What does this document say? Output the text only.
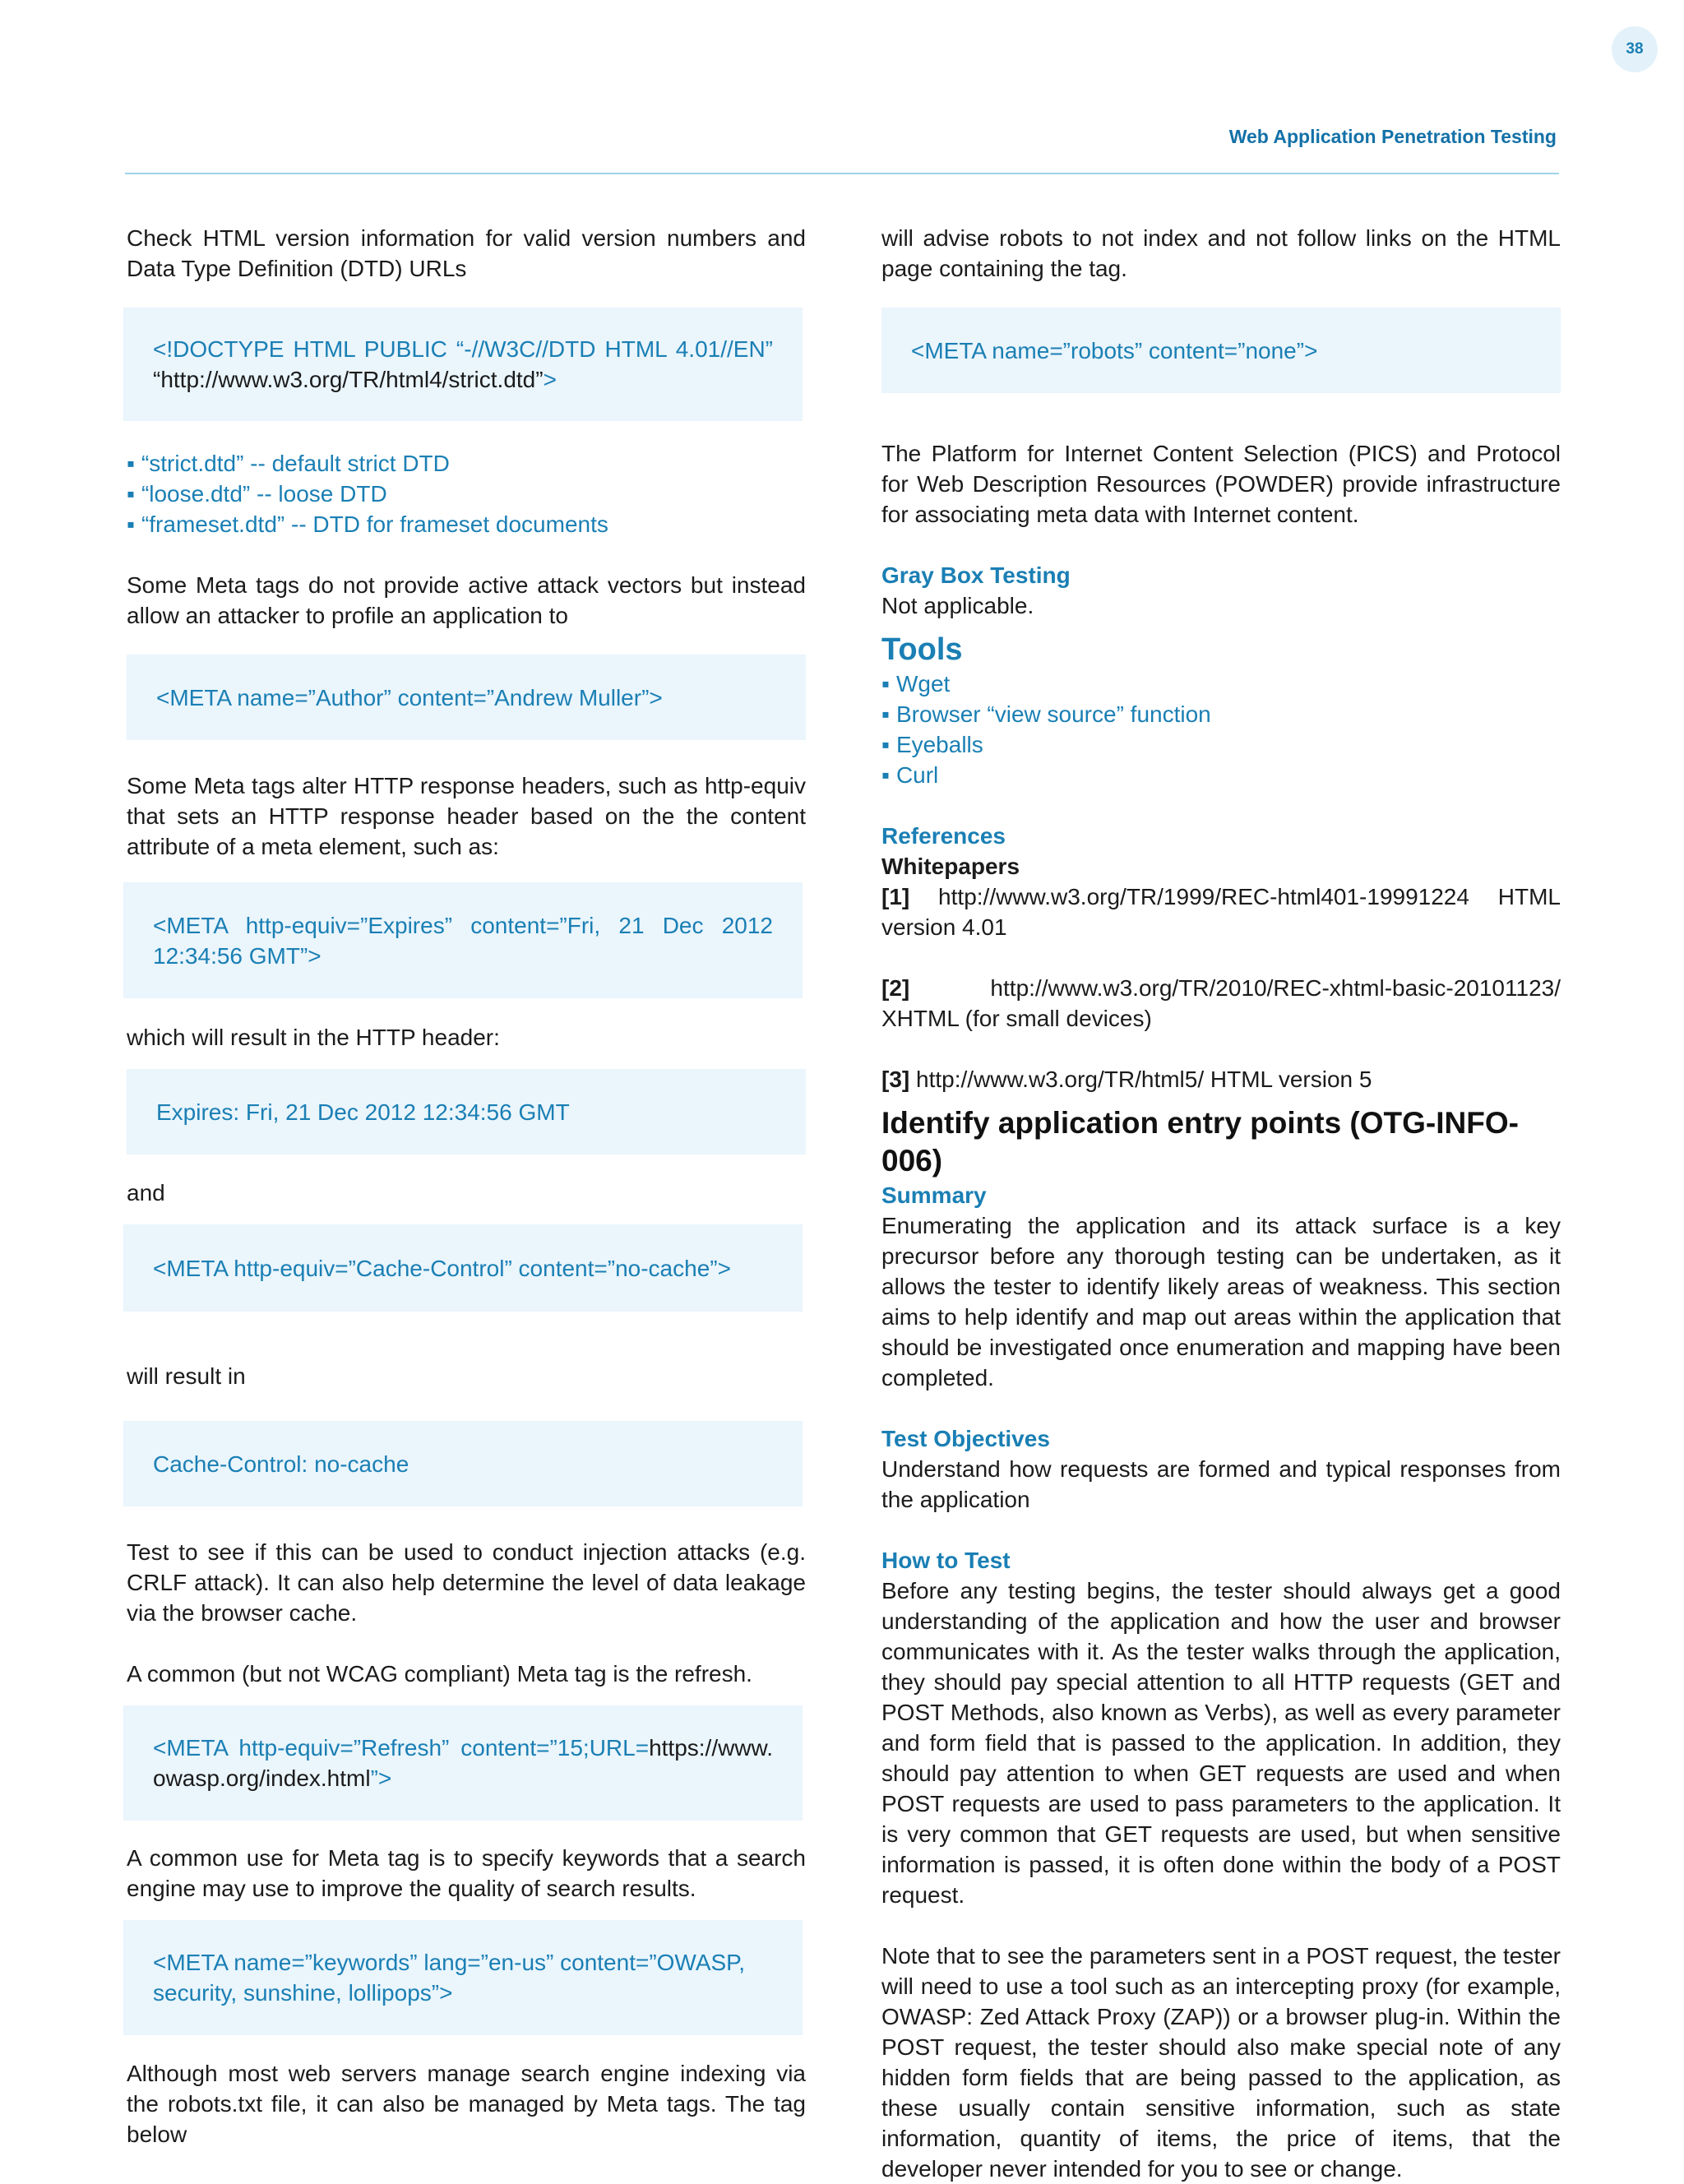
38
Web Application Penetration Testing

Check HTML version information for valid version numbers and Data Type Definition (DTD) URLs

<!DOCTYPE HTML PUBLIC “-//W3C//DTD HTML 4.01//EN”
“http://www.w3.org/TR/html4/strict.dtd”>
▪ “strict.dtd” -- default strict DTD
▪ “loose.dtd” -- loose DTD
▪ “frameset.dtd” -- DTD for frameset documents

Some Meta tags do not provide active attack vectors but instead allow an attacker to profile an application to

<META name=”Author” content=”Andrew Muller”>

Some Meta tags alter HTTP response headers, such as http-equiv that sets an HTTP response header based on the the content attribute of a meta element, such as:

<META http-equiv=”Expires” content=”Fri, 21 Dec 2012 12:34:56 GMT”>

which will result in the HTTP header:

Expires: Fri, 21 Dec 2012 12:34:56 GMT

and

<META http-equiv=”Cache-Control” content=”no-cache”>

will result in

Cache-Control: no-cache

Test to see if this can be used to conduct injection attacks (e.g. CRLF attack). It can also help determine the level of data leakage via the browser cache.

A common (but not WCAG compliant) Meta tag is the refresh.

<META http-equiv=”Refresh” content=”15;URL=https://www. owasp.org/index.html”>

A common use for Meta tag is to specify keywords that a search engine may use to improve the quality of search results.

<META name=”keywords” lang=”en-us” content=”OWASP, security, sunshine, lollipops”>

Although most web servers manage search engine indexing via the robots.txt file, it can also be managed by Meta tags. The tag below

will advise robots to not index and not follow links on the HTML page containing the tag.

<META name=”robots” content=”none”>

The Platform for Internet Content Selection (PICS) and Protocol for Web Description Resources (POWDER) provide infrastructure for associating meta data with Internet content.

Gray Box Testing

Not applicable.

Tools
▪ Wget
▪ Browser “view source” function
▪ Eyeballs
▪ Curl
References

Whitepapers

[1] http://www.w3.org/TR/1999/REC-html401-19991224 HTML version 4.01

[2] http://www.w3.org/TR/2010/REC-xhtml-basic-20101123/ XHTML (for small devices)

[3] http://www.w3.org/TR/html5/ HTML version 5

Identify application entry points (OTG-INFO-006)
Summary

Enumerating the application and its attack surface is a key precursor before any thorough testing can be undertaken, as it allows the tester to identify likely areas of weakness. This section aims to help identify and map out areas within the application that should be investigated once enumeration and mapping have been completed.

Test Objectives

Understand how requests are formed and typical responses from the application

How to Test

Before any testing begins, the tester should always get a good understanding of the application and how the user and browser communicates with it. As the tester walks through the application, they should pay special attention to all HTTP requests (GET and POST Methods, also known as Verbs), as well as every parameter and form field that is passed to the application. In addition, they should pay attention to when GET requests are used and when POST requests are used to pass parameters to the application. It is very common that GET requests are used, but when sensitive information is passed, it is often done within the body of a POST request.

Note that to see the parameters sent in a POST request, the tester will need to use a tool such as an intercepting proxy (for example, OWASP: Zed Attack Proxy (ZAP)) or a browser plug-in. Within the POST request, the tester should also make special note of any hidden form fields that are being passed to the application, as these usually contain sensitive information, such as state information, quantity of items, the price of items, that the developer never intended for you to see or change.
